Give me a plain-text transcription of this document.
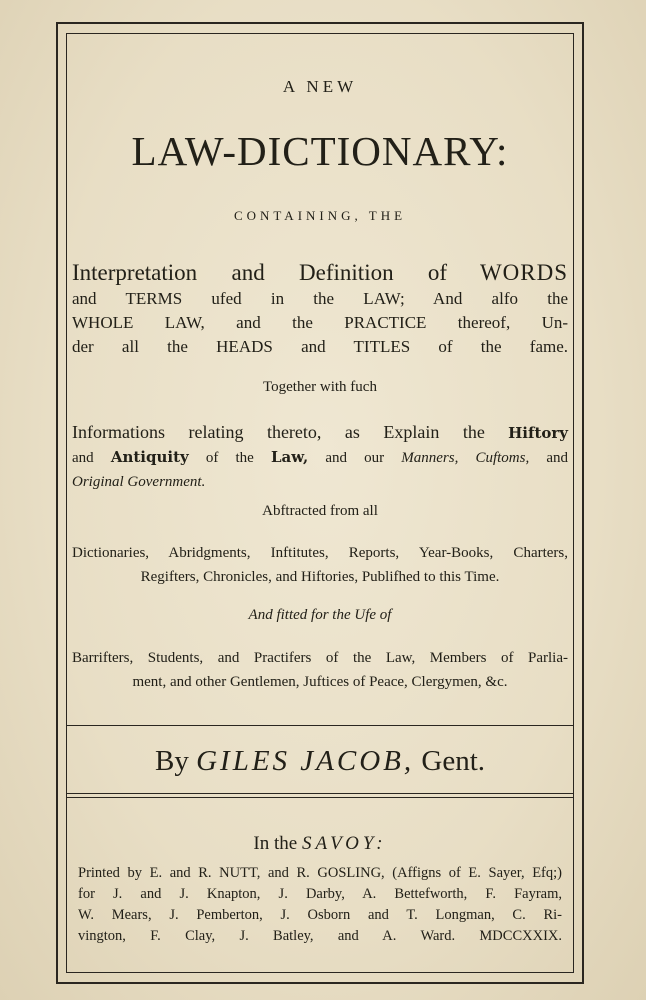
A NEW
LAW-DICTIONARY:
CONTAINING, THE
Interpretation and Definition of WORDS
and TERMS ufed in the LAW; And alfo the
WHOLE LAW, and the PRACTICE thereof, Un-
der all the HEADS and TITLES of the fame.
Together with fuch
Informations relating thereto, as Explain the Hiftory
and Antiquity of the Law, and our Manners, Cuftoms, and
Original Government.
Abftracted from all
Dictionaries, Abridgments, Inftitutes, Reports, Year-Books, Charters,
Regifters, Chronicles, and Hiftories, Publifhed to this Time.
And fitted for the Ufe of
Barrifters, Students, and Practifers of the Law, Members of Parlia-
ment, and other Gentlemen, Juftices of Peace, Clergymen, &c.
By GILES JACOB, Gent.
In the SAVOY:
Printed by E. and R. NUTT, and R. GOSLING, (Affigns of E. Sayer, Efq;)
for J. and J. Knapton, J. Darby, A. Bettefworth, F. Fayram,
W. Mears, J. Pemberton, J. Osborn and T. Longman, C. Ri-
vington, F. Clay, J. Batley, and A. Ward. MDCCXXIX.
